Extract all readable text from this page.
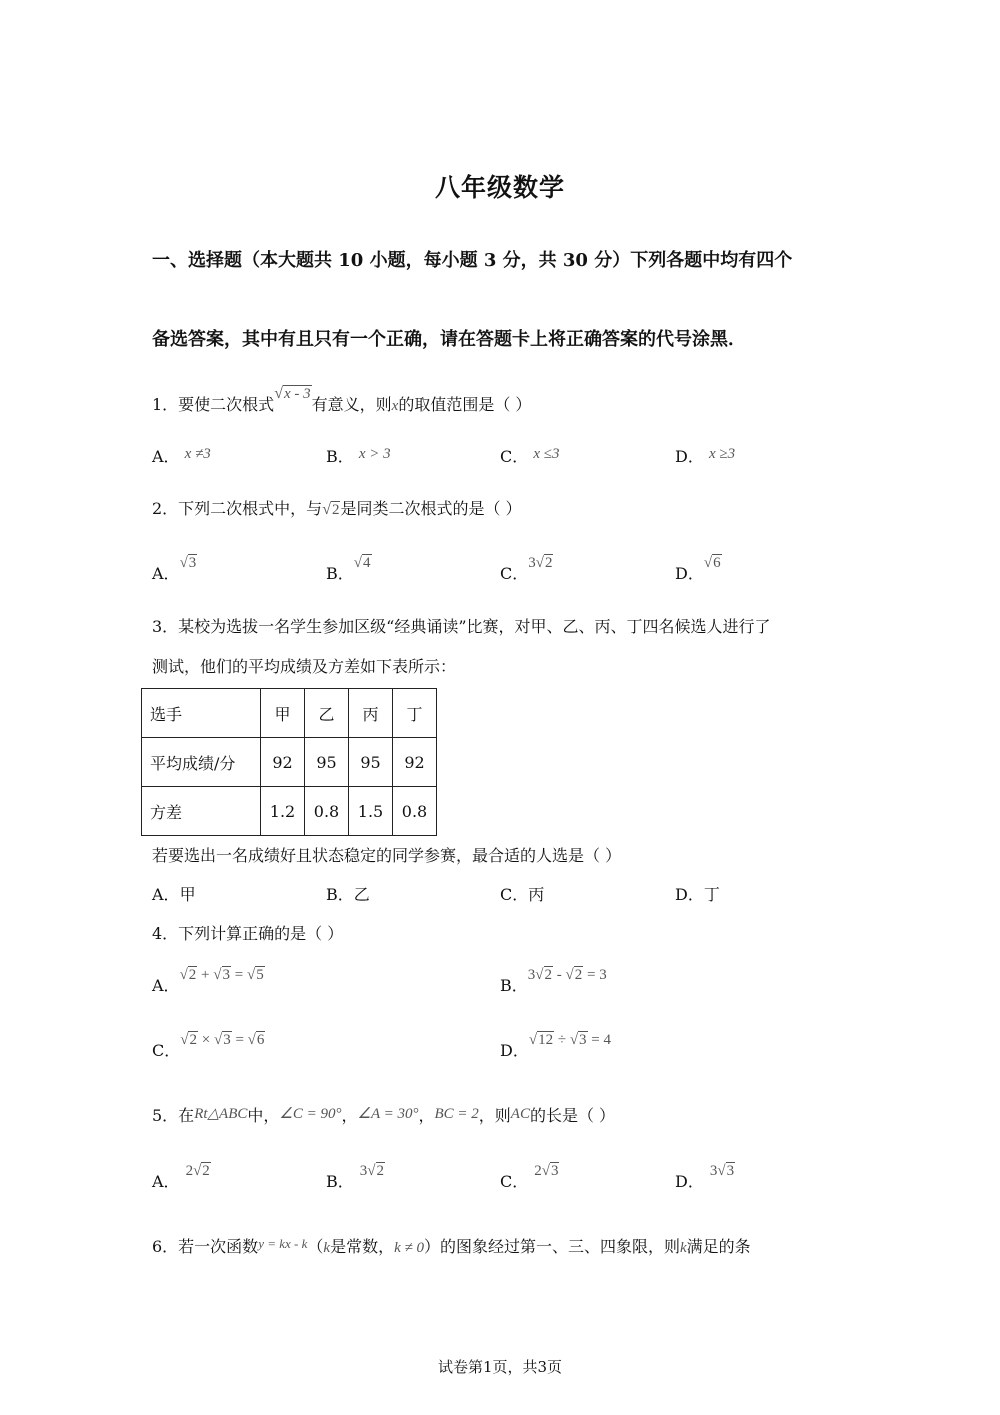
八年级数学
一、选择题（本大题共 10 小题，每小题 3 分，共 30 分）下列各题中均有四个
备选答案，其中有且只有一个正确，请在答题卡上将正确答案的代号涂黑．
1．要使二次根式√x - 3有意义，则x的取值范围是（ ）
A． x ≠3	B． x > 3	C． x ≤3	D． x ≥3
2．下列二次根式中，与√2是同类二次根式的是（ ）
A．√3
B．√4
C．3√2
D．√6
3．某校为选拔一名学生参加区级“经典诵读”比赛，对甲、乙、丙、丁四名候选人进行了
测试，他们的平均成绩及方差如下表所示：
选手	甲	乙	丙	丁
平均成绩/分	92	95	95	92
方差	1.2	0.8	1.5	0.8
若要选出一名成绩好且状态稳定的同学参赛，最合适的人选是（ ）
A．甲	B．乙	C．丙	D．丁
4．下列计算正确的是（ ）
A．√2 + √3 = √5
B．3√2 - √2 = 3
C．√2 × √3 = √6
D．√12 ÷ √3 = 4
5．在Rt△ABC中，∠C = 90°，∠A = 30°，BC = 2，则AC的长是（ ）
A．2√2
B．3√2
C．2√3
D．3√3
6．若一次函数$^{y = kx - k}$（k是常数，k ≠ 0）的图象经过第一、三、四象限，则k满足的条
试卷第1页，共3页
